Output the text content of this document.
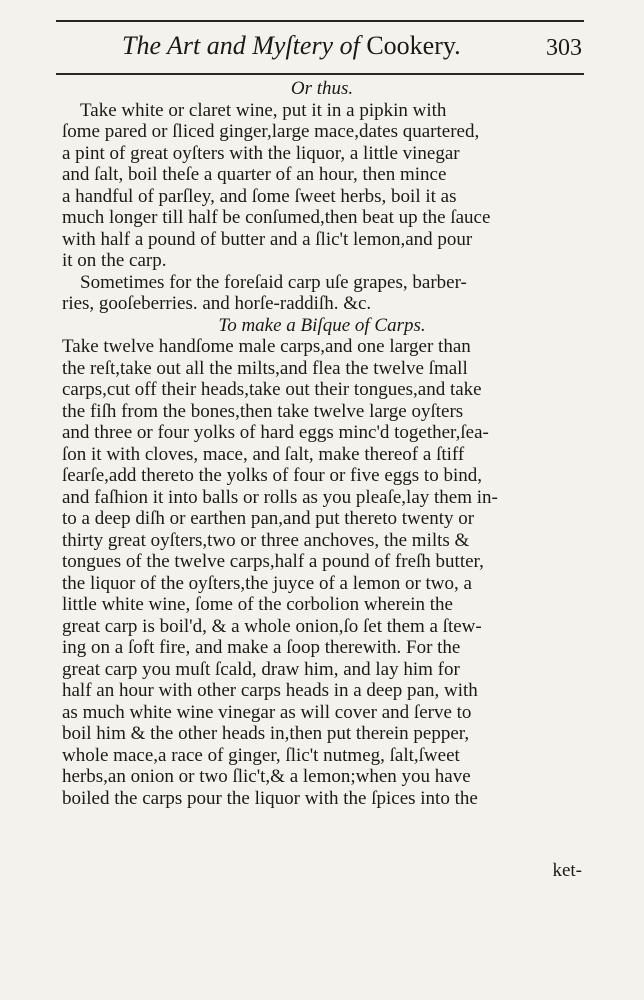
The Art and Myſtery of Cookery.	303
Or thus.
Take white or claret wine, put it in a pipkin with
ſome pared or ſliced ginger,large mace,dates quartered,
a pint of great oyſters with the liquor, a little vinegar
and ſalt, boil theſe a quarter of an hour, then mince
a handful of parſley, and ſome ſweet herbs, boil it as
much longer till half be conſumed,then beat up the ſauce
with half a pound of butter and a ſlic't lemon,and pour
it on the carp.
Sometimes for the foreſaid carp uſe grapes, barber-
ries, gooſeberries. and horſe-raddiſh. &c.
To make a Biſque of Carps.
Take twelve handſome male carps,and one larger than
the reſt,take out all the milts,and flea the twelve ſmall
carps,cut off their heads,take out their tongues,and take
the fiſh from the bones,then take twelve large oyſters
and three or four yolks of hard eggs minc'd together,ſea-
ſon it with cloves, mace, and ſalt, make thereof a ſtiff
ſearſe,add thereto the yolks of four or five eggs to bind,
and faſhion it into balls or rolls as you pleaſe,lay them in-
to a deep diſh or earthen pan,and put thereto twenty or
thirty great oyſters,two or three anchoves, the milts &
tongues of the twelve carps,half a pound of freſh butter,
the liquor of the oyſters,the juyce of a lemon or two, a
little white wine, ſome of the corbolion wherein the
great carp is boil'd, & a whole onion,ſo ſet them a ſtew-
ing on a ſoft fire, and make a ſoop therewith. For the
great carp you muſt ſcald, draw him, and lay him for
half an hour with other carps heads in a deep pan, with
as much white wine vinegar as will cover and ſerve to
boil him & the other heads in,then put therein pepper,
whole mace,a race of ginger, ſlic't nutmeg, ſalt,ſweet
herbs,an onion or two ſlic't,& a lemon;when you have
boiled the carps pour the liquor with the ſpices into the
ket-
